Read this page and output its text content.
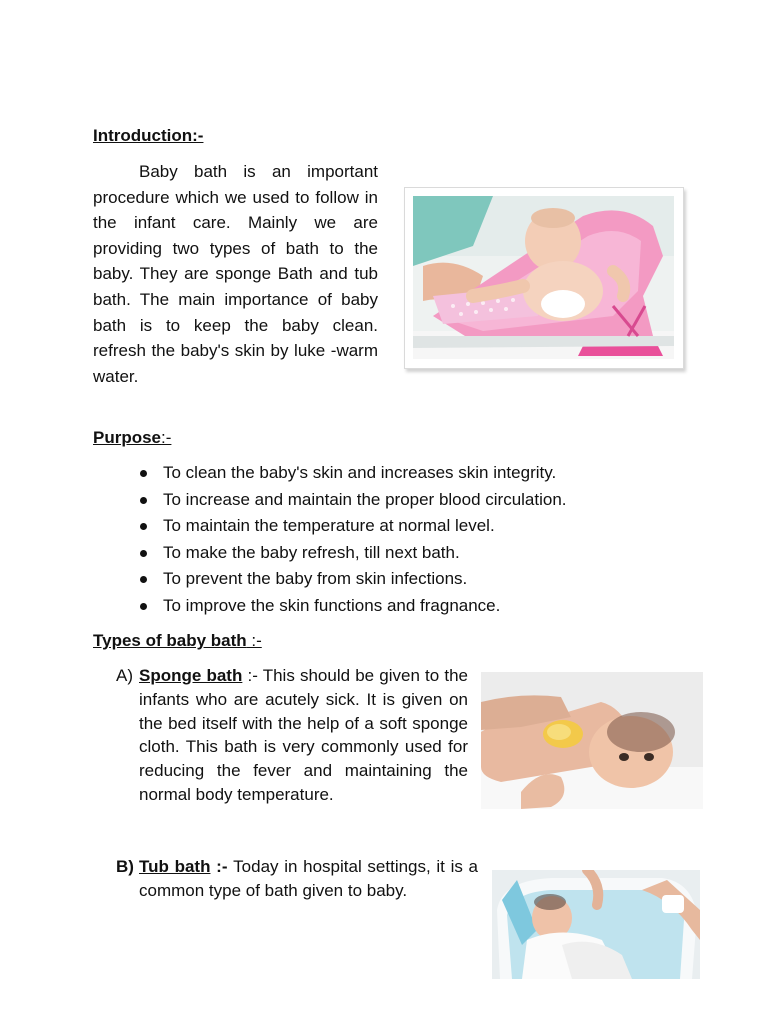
Introduction:-

Baby bath is an important procedure which we used to follow in the infant care. Mainly we are providing two types of bath to the baby. They are sponge Bath and tub bath. The main importance of baby bath is to keep the baby clean. refresh the baby's skin by luke -warm water.

Purpose:-
To clean the baby's skin and increases skin integrity.
To increase and maintain the proper blood circulation.
To maintain the temperature at normal level.
To make the baby refresh, till next bath.
To prevent the baby from skin infections.
To improve the skin functions and fragnance.
Types of baby bath :-
A) Sponge bath :- This should be given to the infants who are acutely sick. It is given on the bed itself with the help of a soft sponge cloth. This bath is very commonly used for reducing the fever and maintaining the normal body temperature.
B) Tub bath :- Today in hospital settings, it is a common type of bath given to baby.
